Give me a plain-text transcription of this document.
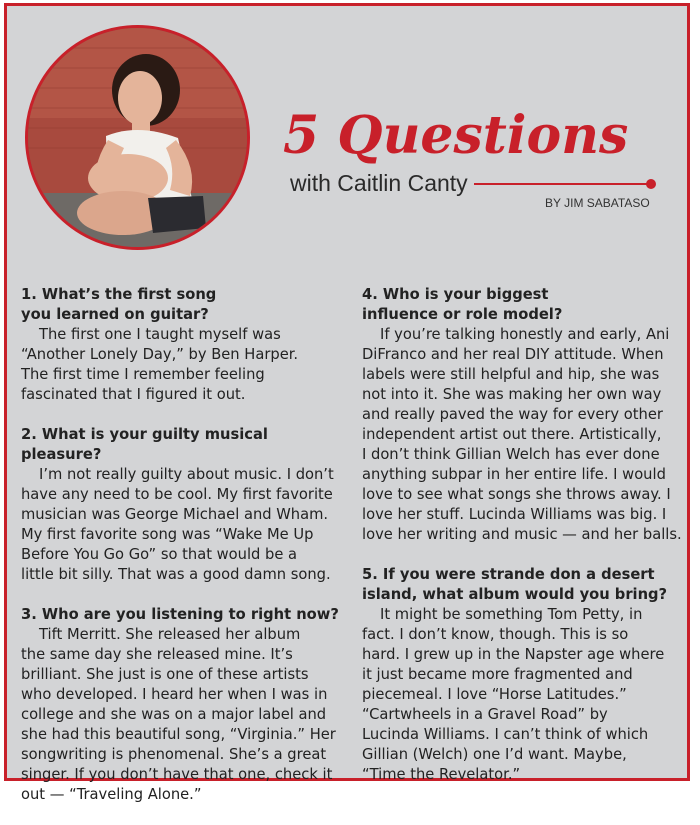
5 Questions
with Caitlin Canty
BY JIM SABATASO

1. What’s the first song
you learned on guitar?

The first one I taught myself was
“Another Lonely Day,” by Ben Harper.
The first time I remember feeling
fascinated that I figured it out.

2. What is your guilty musical pleasure?

I’m not really guilty about music. I don’t
have any need to be cool. My first favorite
musician was George Michael and Wham.
My first favorite song was “Wake Me Up
Before You Go Go” so that would be a
little bit silly. That was a good damn song.

3. Who are you listening to right now?

Tift Merritt. She released her album
the same day she released mine. It’s
brilliant. She just is one of these artists
who developed. I heard her when I was in
college and she was on a major label and
she had this beautiful song, “Virginia.” Her
songwriting is phenomenal. She’s a great
singer. If you don’t have that one, check it
out — “Traveling Alone.”

4. Who is your biggest
influence or role model?

If you’re talking honestly and early, Ani
DiFranco and her real DIY attitude. When
labels were still helpful and hip, she was
not into it. She was making her own way
and really paved the way for every other
independent artist out there. Artistically,
I don’t think Gillian Welch has ever done
anything subpar in her entire life. I would
love to see what songs she throws away. I
love her stuff. Lucinda Williams was big. I
love her writing and music — and her balls.

5. If you were strande don a desert
island, what album would you bring?

It might be something Tom Petty, in
fact. I don’t know, though. This is so
hard. I grew up in the Napster age where
it just became more fragmented and
piecemeal. I love “Horse Latitudes.”
“Cartwheels in a Gravel Road” by
Lucinda Williams. I can’t think of which
Gillian (Welch) one I’d want. Maybe,
“Time the Revelator.”
